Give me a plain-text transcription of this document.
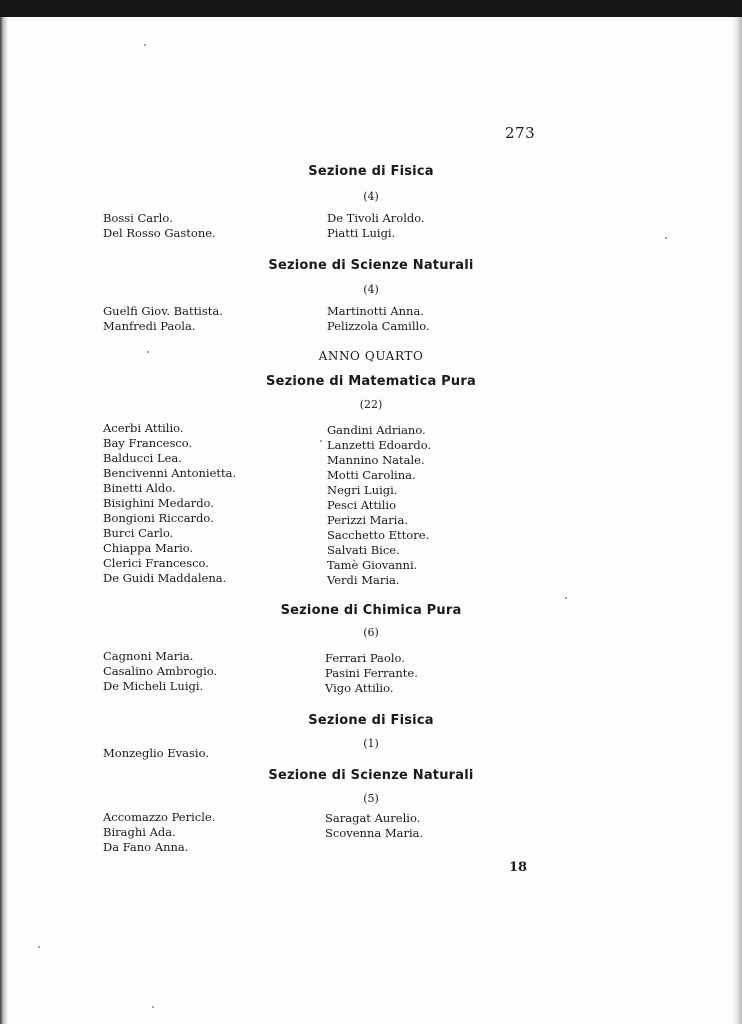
273
Sezione di Fisica
(4)
Bossi Carlo.
Del Rosso Gastone.
De Tivoli Aroldo.
Piatti Luigi.
Sezione di Scienze Naturali
(4)
Guelfi Giov. Battista.
Manfredi Paola.
Martinotti Anna.
Pelizzola Camillo.
ANNO QUARTO
Sezione di Matematica Pura
(22)
Acerbi Attilio.
Bay Francesco.
Balducci Lea.
Bencivenni Antonietta.
Binetti Aldo.
Bisighini Medardo.
Bongioni Riccardo.
Burci Carlo.
Chiappa Mario.
Clerici Francesco.
De Guidi Maddalena.
Gandini Adriano.
Lanzetti Edoardo.
Mannino Natale.
Motti Carolina.
Negri Luigi.
Pesci Attilio
Perizzi Maria.
Sacchetto Ettore.
Salvati Bice.
Tamè Giovanni.
Verdi Maria.
Sezione di Chimica Pura
(6)
Cagnoni Maria.
Casalino Ambrogio.
De Micheli Luigi.
Ferrari Paolo.
Pasini Ferrante.
Vigo Attilio.
Sezione di Fisica
(1)
Monzeglio Evasio.
Sezione di Scienze Naturali
(5)
Accomazzo Pericle.
Biraghi Ada.
Da Fano Anna.
Saragat Aurelio.
Scovenna Maria.
18
